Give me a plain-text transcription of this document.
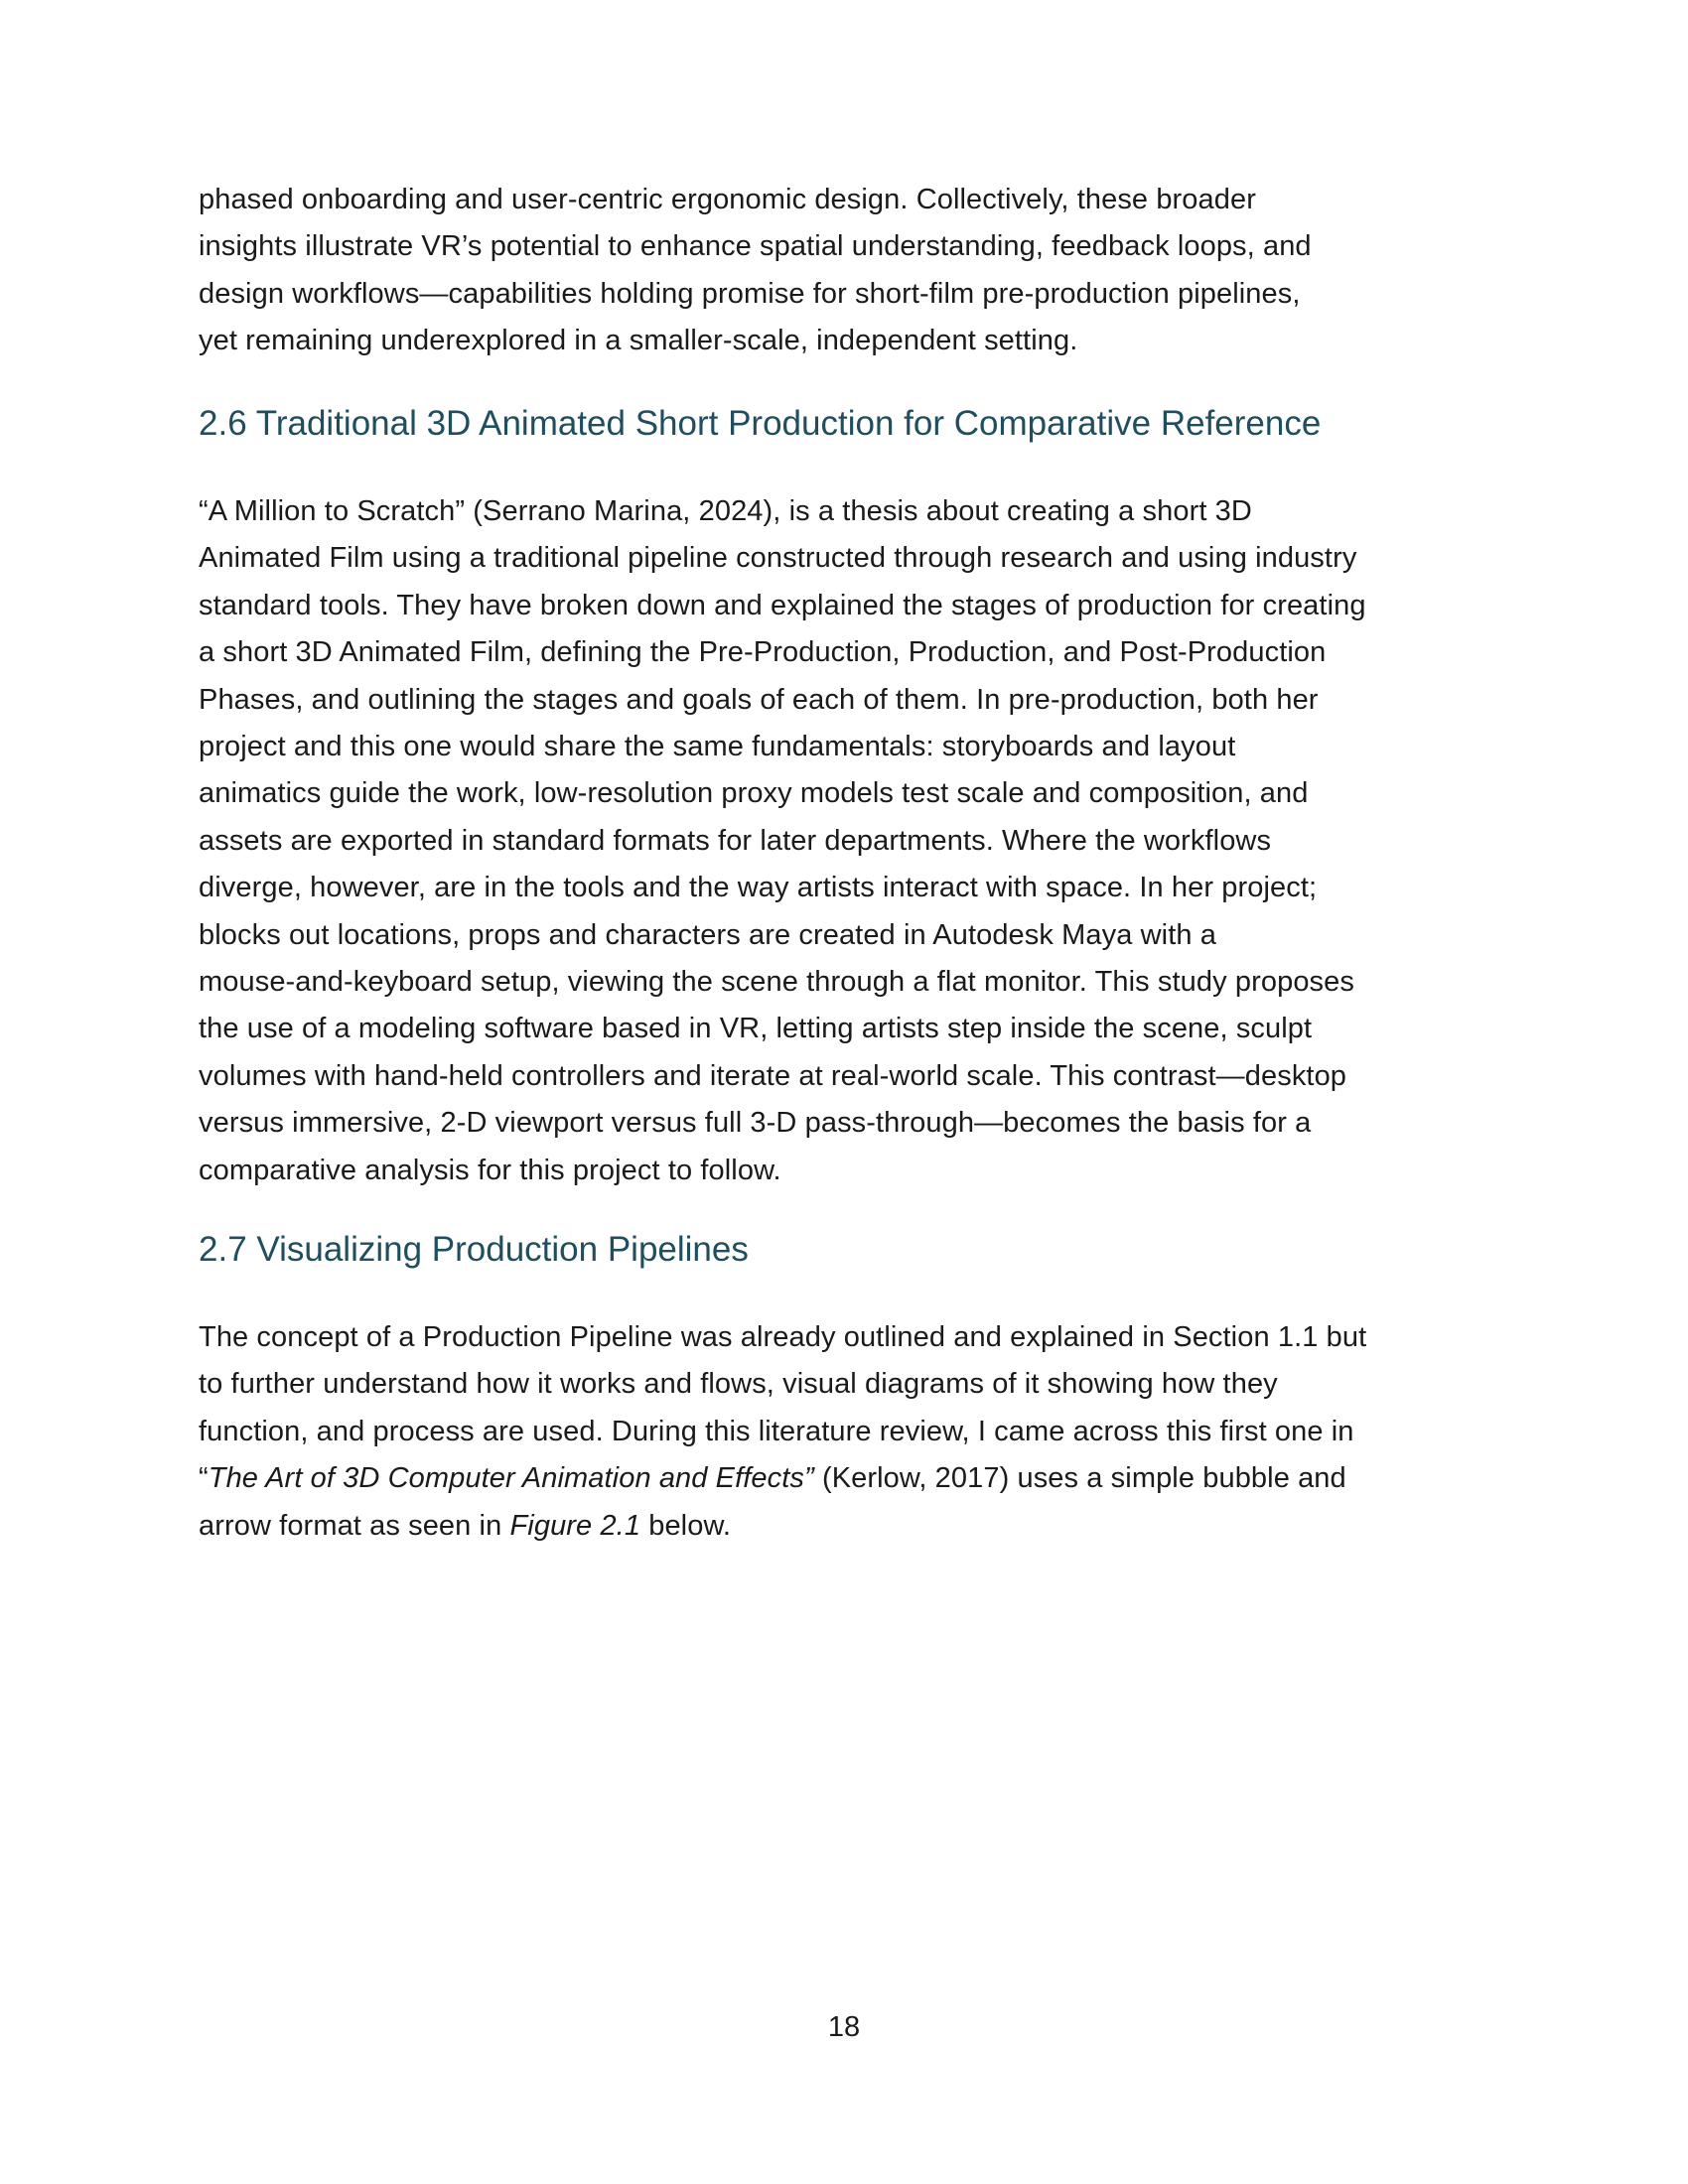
phased onboarding and user-centric ergonomic design. Collectively, these broader
insights illustrate VR’s potential to enhance spatial understanding, feedback loops, and
design workflows—capabilities holding promise for short-film pre-production pipelines,
yet remaining underexplored in a smaller-scale, independent setting.

2.6 Traditional 3D Animated Short Production for Comparative Reference

“A Million to Scratch” (Serrano Marina, 2024), is a thesis about creating a short 3D
Animated Film using a traditional pipeline constructed through research and using industry
standard tools. They have broken down and explained the stages of production for creating
a short 3D Animated Film, defining the Pre-Production, Production, and Post-Production
Phases, and outlining the stages and goals of each of them. In pre-production, both her
project and this one would share the same fundamentals: storyboards and layout
animatics guide the work, low-resolution proxy models test scale and composition, and
assets are exported in standard formats for later departments. Where the workflows
diverge, however, are in the tools and the way artists interact with space. In her project;
blocks out locations, props and characters are created in Autodesk Maya with a
mouse-and-keyboard setup, viewing the scene through a flat monitor. This study proposes
the use of a modeling software based in VR, letting artists step inside the scene, sculpt
volumes with hand-held controllers and iterate at real-world scale. This contrast—desktop
versus immersive, 2-D viewport versus full 3-D pass-through—becomes the basis for a
comparative analysis for this project to follow.

2.7 Visualizing Production Pipelines

The concept of a Production Pipeline was already outlined and explained in Section 1.1 but
to further understand how it works and flows, visual diagrams of it showing how they
function, and process are used. During this literature review, I came across this first one in
“The Art of 3D Computer Animation and Effects” (Kerlow, 2017) uses a simple bubble and
arrow format as seen in Figure 2.1 below.

18
